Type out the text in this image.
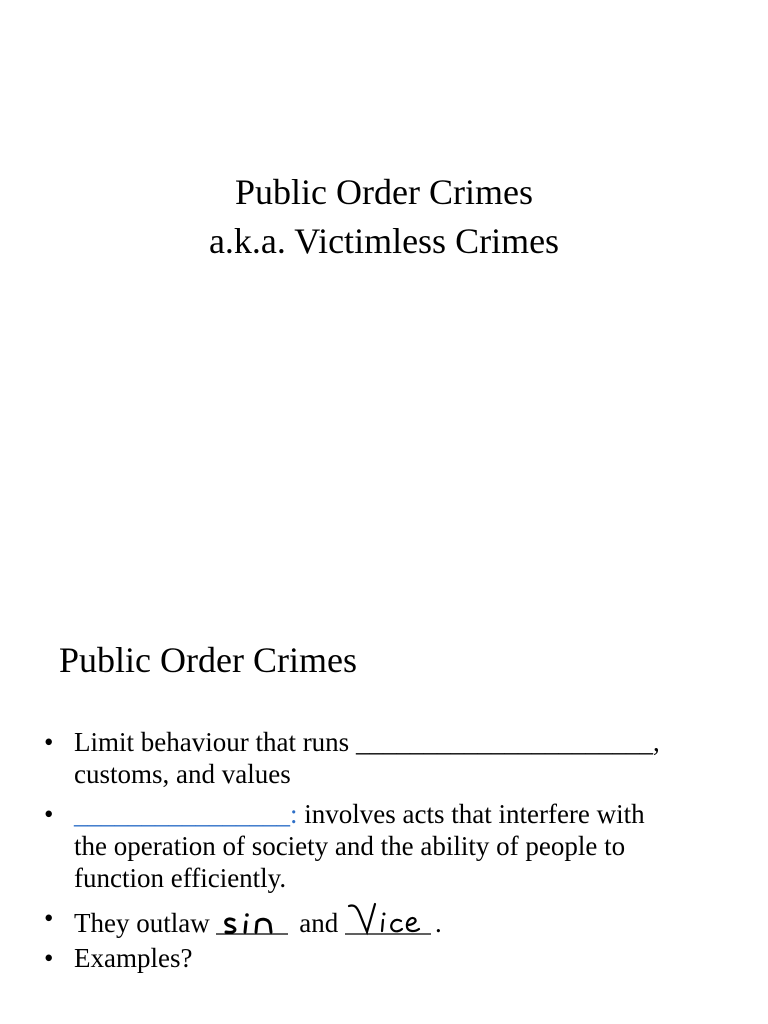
Public Order Crimes
a.k.a. Victimless Crimes
Public Order Crimes
• Limit behaviour that runs ______________________,
customs, and values
• ________________: involves acts that interfere with
the operation of society and the ability of people to
function efficiently.
• They outlaw	and	.
• Examples?
